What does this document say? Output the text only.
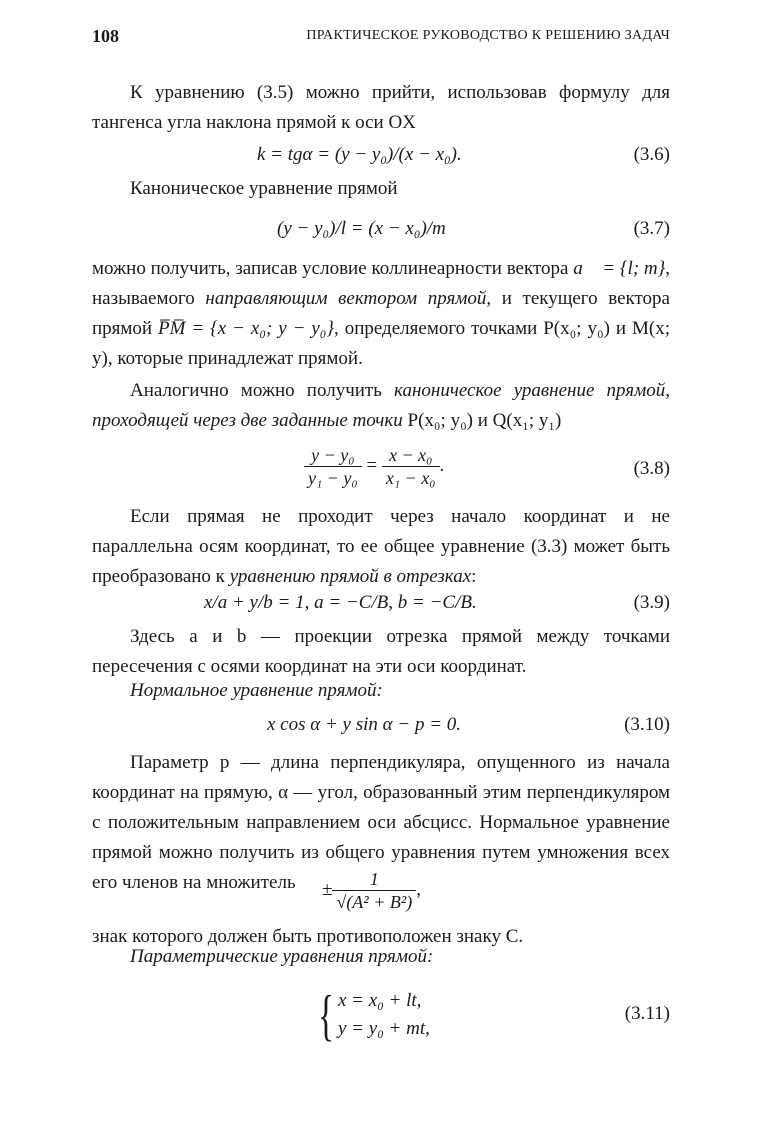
108	ПРАКТИЧЕСКОЕ РУКОВОДСТВО К РЕШЕНИЮ ЗАДАЧ

К уравнению (3.5) можно прийти, использовав формулу для тангенса угла наклона прямой к оси OX

k = tgα = (y − y₀)/(x − x₀).	(3.6)

Каноническое уравнение прямой

(y − y₀)/l = (x − x₀)/m	(3.7)

можно получить, записав условие коллинеарности вектора a⃗ = {l; m}, называемого направляющим вектором прямой, и текущего вектора прямой P̅M̅ = {x − x₀; y − y₀}, определяемого точками P(x₀; y₀) и M(x; y), которые принадлежат прямой.

Аналогично можно получить каноническое уравнение прямой, проходящей через две заданные точки P(x₀; y₀) и Q(x₁; y₁)

$\frac{\text{y − y₀}}{\text{y₁ − y₀}} = \frac{\text{x − x₀}}{\text{x₁ − x₀}}$ .	(3.8)

Если прямая не проходит через начало координат и не параллельна осям координат, то ее общее уравнение (3.3) может быть преобразовано к уравнению прямой в отрезках:

x/a + y/b = 1, a = −C/B, b = −C/B.	(3.9)

Здесь a и b — проекции отрезка прямой между точками пересечения с осями координат на эти оси координат.

Нормальное уравнение прямой:

x cos α + y sin α − p = 0.	(3.10)

Параметр p — длина перпендикуляра, опущенного из начала координат на прямую, α — угол, образованный этим перпендикуляром с положительным направлением оси абсцисс. Нормальное уравнение прямой можно получить из общего уравнения путем умножения всех его членов на множитель	± $\frac{1}{\text{√(A² + B²)}}$ ,

знак которого должен быть противоположен знаку C.

Параметрические уравнения прямой:

{ x = x₀ + lt,
y = y₀ + mt,
(3.11)
